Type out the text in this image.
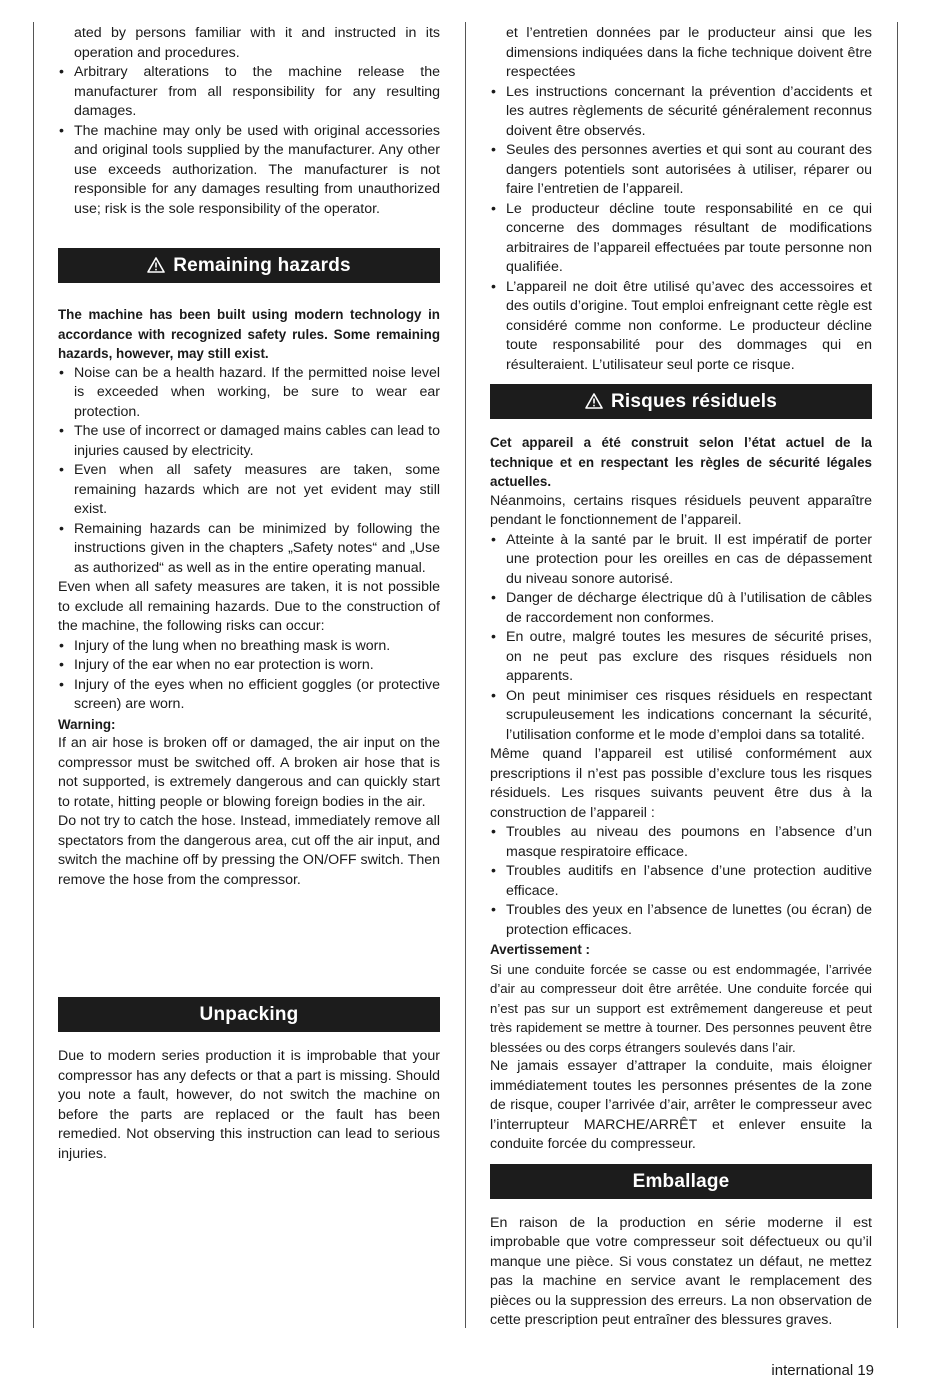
ated by persons familiar with it and instructed in its operation and procedures.

• Arbitrary alterations to the machine release the manufacturer from all responsibility for any resulting damages.
• The machine may only be used with original accessories and original tools supplied by the manufacturer. Any other use exceeds authorization. The manufacturer is not responsible for any damages resulting from unauthorized use; risk is the sole responsibility of the operator.
Remaining hazards

The machine has been built using modern technology in accordance with recognized safety rules. Some remaining hazards, however, may still exist.

• Noise can be a health hazard. If the permitted noise level is exceeded when working, be sure to wear ear protection.
• The use of incorrect or damaged mains cables can lead to injuries caused by electricity.
• Even when all safety measures are taken, some remaining hazards which are not yet evident may still exist.
• Remaining hazards can be minimized by following the instructions given in the chapters „Safety notes“ and „Use as authorized“ as well as in the entire operating manual.

Even when all safety measures are taken, it is not possible to exclude all remaining hazards. Due to the construction of the machine, the following risks can occur:

• Injury of the lung when no breathing mask is worn.
• Injury of the ear when no ear protection is worn.
• Injury of the eyes when no efficient goggles (or protective screen) are worn.

Warning:

If an air hose is broken off or damaged, the air input on the compressor must be switched off. A broken air hose that is not supported, is extremely dangerous and can quickly start to rotate, hitting people or blowing foreign bodies in the air.

Do not try to catch the hose. Instead, immediately remove all spectators from the dangerous area, cut off the air input, and switch the machine off by pressing the ON/OFF switch. Then remove the hose from the compressor.

Unpacking

Due to modern series production it is improbable that your compressor has any defects or that a part is missing. Should you note a fault, however, do not switch the machine on before the parts are replaced or the fault has been remedied. Not observing this instruction can lead to serious injuries.

et l’entretien données par le producteur ainsi que les dimensions indiquées dans la fiche technique doivent être respectées

• Les instructions concernant la prévention d’accidents et les autres règlements de sécurité généralement reconnus doivent être observés.
• Seules des personnes averties et qui sont au courant des dangers potentiels sont autorisées à utiliser, réparer ou faire l’entretien de l’appareil.
• Le producteur décline toute responsabilité en ce qui concerne des dommages résultant de modifications arbitraires de l’appareil effectuées par toute personne non qualifiée.
• L’appareil ne doit être utilisé qu’avec des accessoires et des outils d’origine. Tout emploi enfreignant cette règle est considéré comme non conforme. Le producteur décline toute responsabilité pour des dommages qui en résulteraient. L’utilisateur seul porte ce risque.
Risques résiduels

Cet appareil a été construit selon l’état actuel de la technique et en respectant les règles de sécurité légales actuelles.

Néanmoins, certains risques résiduels peuvent apparaître pendant le fonctionnement de l’appareil.

• Atteinte à la santé par le bruit. Il est impératif de porter une protection pour les oreilles en cas de dépassement du niveau sonore autorisé.
• Danger de décharge électrique dû à l’utilisation de câbles de raccordement non conformes.
• En outre, malgré toutes les mesures de sécurité prises, on ne peut pas exclure des risques résiduels non apparents.
• On peut minimiser ces risques résiduels en respectant scrupuleusement les indications concernant la sécurité, l’utilisation conforme et le mode d’emploi dans sa totalité.

Même quand l’appareil est utilisé conformément aux prescriptions il n’est pas possible d’exclure tous les risques résiduels. Les risques suivants peuvent être dus à la construction de l’appareil :

• Troubles au niveau des poumons en l’absence d’un masque respiratoire efficace.
• Troubles auditifs en l’absence d’une protection auditive efficace.
• Troubles des yeux en l’absence de lunettes (ou écran) de protection efficaces.

Avertissement :

Si une conduite forcée se casse ou est endommagée, l’arrivée d’air au compresseur doit être arrêtée. Une conduite forcée qui n’est pas sur un support est extrêmement dangereuse et peut très rapidement se mettre à tourner. Des personnes peuvent être blessées ou des corps étrangers soulevés dans l’air.

Ne jamais essayer d’attraper la conduite, mais éloigner immédiatement toutes les personnes présentes de la zone de risque, couper l’arrivée d’air, arrêter le compresseur avec l’interrupteur MARCHE/ARRÊT et enlever ensuite la conduite forcée du compresseur.

Emballage

En raison de la production en série moderne il est improbable que votre compresseur soit défectueux ou qu’il manque une pièce. Si vous constatez un défaut, ne mettez pas la machine en service avant le remplacement des pièces ou la suppression des erreurs. La non observation de cette prescription peut entraîner des blessures graves.

international 19
